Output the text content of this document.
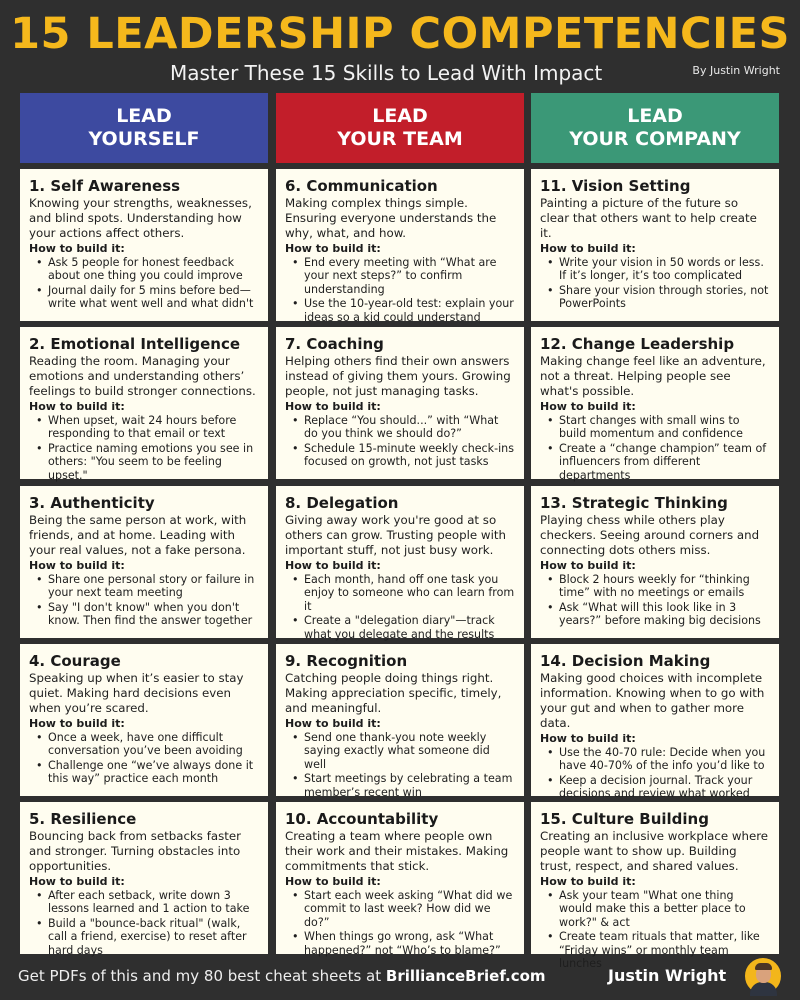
15 LEADERSHIP COMPETENCIES
Master These 15 Skills to Lead With Impact	By Justin Wright
LEAD
YOURSELF
LEAD
YOUR TEAM
LEAD
YOUR COMPANY
1. Self Awareness
Knowing your strengths, weaknesses, and blind spots. Understanding how your actions affect others.
How to build it:
• Ask 5 people for honest feedback about one thing you could improve
• Journal daily for 5 mins before bed—write what went well and what didn't
6. Communication
Making complex things simple. Ensuring everyone understands the why, what, and how.
How to build it:
• End every meeting with “What are your next steps?” to confirm understanding
• Use the 10-year-old test: explain your ideas so a kid could understand
11. Vision Setting
Painting a picture of the future so clear that others want to help create it.
How to build it:
• Write your vision in 50 words or less. If it’s longer, it’s too complicated
• Share your vision through stories, not PowerPoints
2. Emotional Intelligence
Reading the room. Managing your emotions and understanding others’ feelings to build stronger connections.
How to build it:
• When upset, wait 24 hours before responding to that email or text
• Practice naming emotions you see in others: "You seem to be feeling upset."
7. Coaching
Helping others find their own answers instead of giving them yours. Growing people, not just managing tasks.
How to build it:
• Replace “You should...” with “What do you think we should do?”
• Schedule 15-minute weekly check-ins focused on growth, not just tasks
12. Change Leadership
Making change feel like an adventure, not a threat. Helping people see what's possible.
How to build it:
• Start changes with small wins to build momentum and confidence
• Create a “change champion” team of influencers from different departments
3. Authenticity
Being the same person at work, with friends, and at home. Leading with your real values, not a fake persona.
How to build it:
• Share one personal story or failure in your next team meeting
• Say "I don't know" when you don't know. Then find the answer together
8. Delegation
Giving away work you're good at so others can grow. Trusting people with important stuff, not just busy work.
How to build it:
• Each month, hand off one task you enjoy to someone who can learn from it
• Create a "delegation diary"—track what you delegate and the results
13. Strategic Thinking
Playing chess while others play checkers. Seeing around corners and connecting dots others miss.
How to build it:
• Block 2 hours weekly for “thinking time” with no meetings or emails
• Ask “What will this look like in 3 years?” before making big decisions
4. Courage
Speaking up when it’s easier to stay quiet. Making hard decisions even when you’re scared.
How to build it:
• Once a week, have one difficult conversation you’ve been avoiding
• Challenge one “we’ve always done it this way” practice each month
9. Recognition
Catching people doing things right. Making appreciation specific, timely, and meaningful.
How to build it:
• Send one thank-you note weekly saying exactly what someone did well
• Start meetings by celebrating a team member’s recent win
14. Decision Making
Making good choices with incomplete information. Knowing when to go with your gut and when to gather more data.
How to build it:
• Use the 40-70 rule: Decide when you have 40-70% of the info you’d like to
• Keep a decision journal. Track your decisions and review what worked
5. Resilience
Bouncing back from setbacks faster and stronger. Turning obstacles into opportunities.
How to build it:
• After each setback, write down 3 lessons learned and 1 action to take
• Build a "bounce-back ritual" (walk, call a friend, exercise) to reset after hard days
10. Accountability
Creating a team where people own their work and their mistakes. Making commitments that stick.
How to build it:
• Start each week asking “What did we commit to last week? How did we do?”
• When things go wrong, ask “What happened?” not “Who’s to blame?”
15. Culture Building
Creating an inclusive workplace where people want to show up. Building trust, respect, and shared values.
How to build it:
• Ask your team "What one thing would make this a better place to work?" & act
• Create team rituals that matter, like “Friday wins” or monthly team lunches
Get PDFs of this and my 80 best cheat sheets at BrillianceBrief.com	Justin Wright
